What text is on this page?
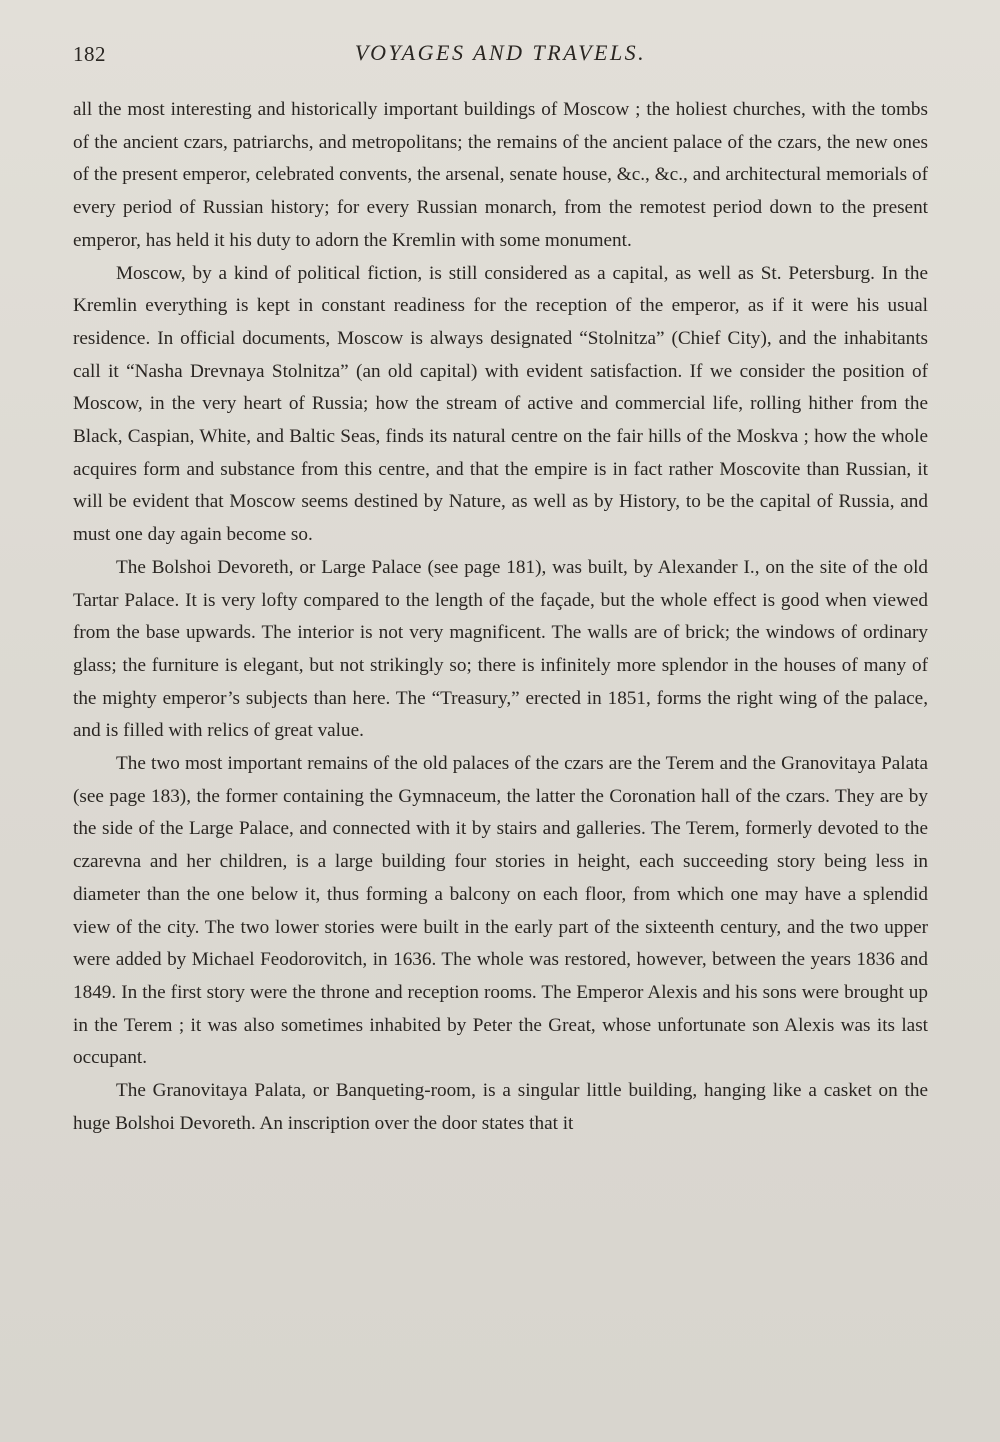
182	VOYAGES AND TRAVELS.

all the most interesting and historically important buildings of Moscow ; the holiest churches, with the tombs of the ancient czars, patriarchs, and metropolitans; the remains of the ancient palace of the czars, the new ones of the present emperor, celebrated convents, the arsenal, senate house, &c., &c., and architectural memorials of every period of Russian history; for every Russian monarch, from the remotest period down to the present emperor, has held it his duty to adorn the Kremlin with some monument.

Moscow, by a kind of political fiction, is still considered as a capital, as well as St. Petersburg. In the Kremlin everything is kept in constant readiness for the reception of the emperor, as if it were his usual residence. In official documents, Moscow is always designated “Stolnitza” (Chief City), and the inhabitants call it “Nasha Drevnaya Stolnitza” (an old capital) with evident satisfaction. If we consider the position of Moscow, in the very heart of Russia; how the stream of active and commercial life, rolling hither from the Black, Caspian, White, and Baltic Seas, finds its natural centre on the fair hills of the Moskva ; how the whole acquires form and substance from this centre, and that the empire is in fact rather Moscovite than Russian, it will be evident that Moscow seems destined by Nature, as well as by History, to be the capital of Russia, and must one day again become so.

The Bolshoi Devoreth, or Large Palace (see page 181), was built, by Alexander I., on the site of the old Tartar Palace. It is very lofty compared to the length of the façade, but the whole effect is good when viewed from the base upwards. The interior is not very magnificent. The walls are of brick; the windows of ordinary glass; the furniture is elegant, but not strikingly so; there is infinitely more splendor in the houses of many of the mighty emperor’s subjects than here. The “Treasury,” erected in 1851, forms the right wing of the palace, and is filled with relics of great value.

The two most important remains of the old palaces of the czars are the Terem and the Granovitaya Palata (see page 183), the former containing the Gymnaceum, the latter the Coronation hall of the czars. They are by the side of the Large Palace, and connected with it by stairs and galleries. The Terem, formerly devoted to the czarevna and her children, is a large building four stories in height, each succeeding story being less in diameter than the one below it, thus forming a balcony on each floor, from which one may have a splendid view of the city. The two lower stories were built in the early part of the sixteenth century, and the two upper were added by Michael Feodorovitch, in 1636. The whole was restored, however, between the years 1836 and 1849. In the first story were the throne and reception rooms. The Emperor Alexis and his sons were brought up in the Terem ; it was also sometimes inhabited by Peter the Great, whose unfortunate son Alexis was its last occupant.

The Granovitaya Palata, or Banqueting-room, is a singular little building, hanging like a casket on the huge Bolshoi Devoreth. An inscription over the door states that it
